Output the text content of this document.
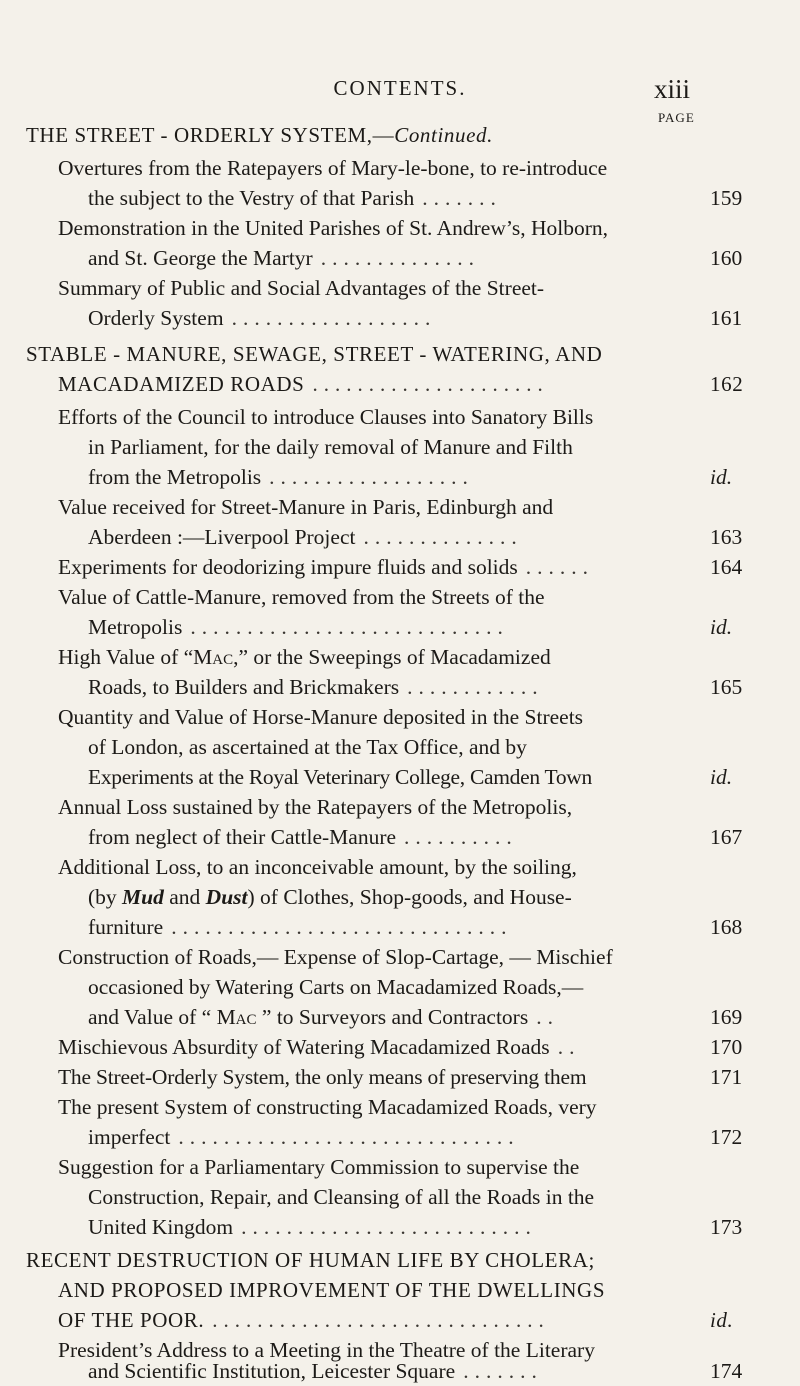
CONTENTS.	xiii
PAGE
THE STREET - ORDERLY SYSTEM,—Continued.
Overtures from the Ratepayers of Mary-le-bone, to re-introduce
the subject to the Vestry of that Parish .......	159
Demonstration in the United Parishes of St. Andrew’s, Holborn,
and St. George the Martyr ..............	160
Summary of Public and Social Advantages of the Street-
Orderly System ..................	161
STABLE - MANURE, SEWAGE, STREET - WATERING, AND
MACADAMIZED ROADS .....................	162
Efforts of the Council to introduce Clauses into Sanatory Bills
in Parliament, for the daily removal of Manure and Filth
from the Metropolis ..................	id.
Value received for Street-Manure in Paris, Edinburgh and
Aberdeen :—Liverpool Project ..............	163
Experiments for deodorizing impure fluids and solids ......	164
Value of Cattle-Manure, removed from the Streets of the
Metropolis ............................	id.
High Value of “Mac,” or the Sweepings of Macadamized
Roads, to Builders and Brickmakers ............	165
Quantity and Value of Horse-Manure deposited in the Streets
of London, as ascertained at the Tax Office, and by
Experiments at the Royal Veterinary College, Camden Town	id.
Annual Loss sustained by the Ratepayers of the Metropolis,
from neglect of their Cattle-Manure ..........	167
Additional Loss, to an inconceivable amount, by the soiling,
(by Mud and Dust) of Clothes, Shop-goods, and House-
furniture ..............................	168
Construction of Roads,— Expense of Slop-Cartage, — Mischief
occasioned by Watering Carts on Macadamized Roads,—
and Value of “ Mac ” to Surveyors and Contractors ..	169
Mischievous Absurdity of Watering Macadamized Roads ..	170
The Street-Orderly System, the only means of preserving them	171
The present System of constructing Macadamized Roads, very
imperfect ..............................	172
Suggestion for a Parliamentary Commission to supervise the
Construction, Repair, and Cleansing of all the Roads in the
United Kingdom ..........................	173
RECENT DESTRUCTION OF HUMAN LIFE BY CHOLERA;
AND PROPOSED IMPROVEMENT OF THE DWELLINGS
OF THE POOR. ..............................	id.
President’s Address to a Meeting in the Theatre of the Literary
and Scientific Institution, Leicester Square .......	174
